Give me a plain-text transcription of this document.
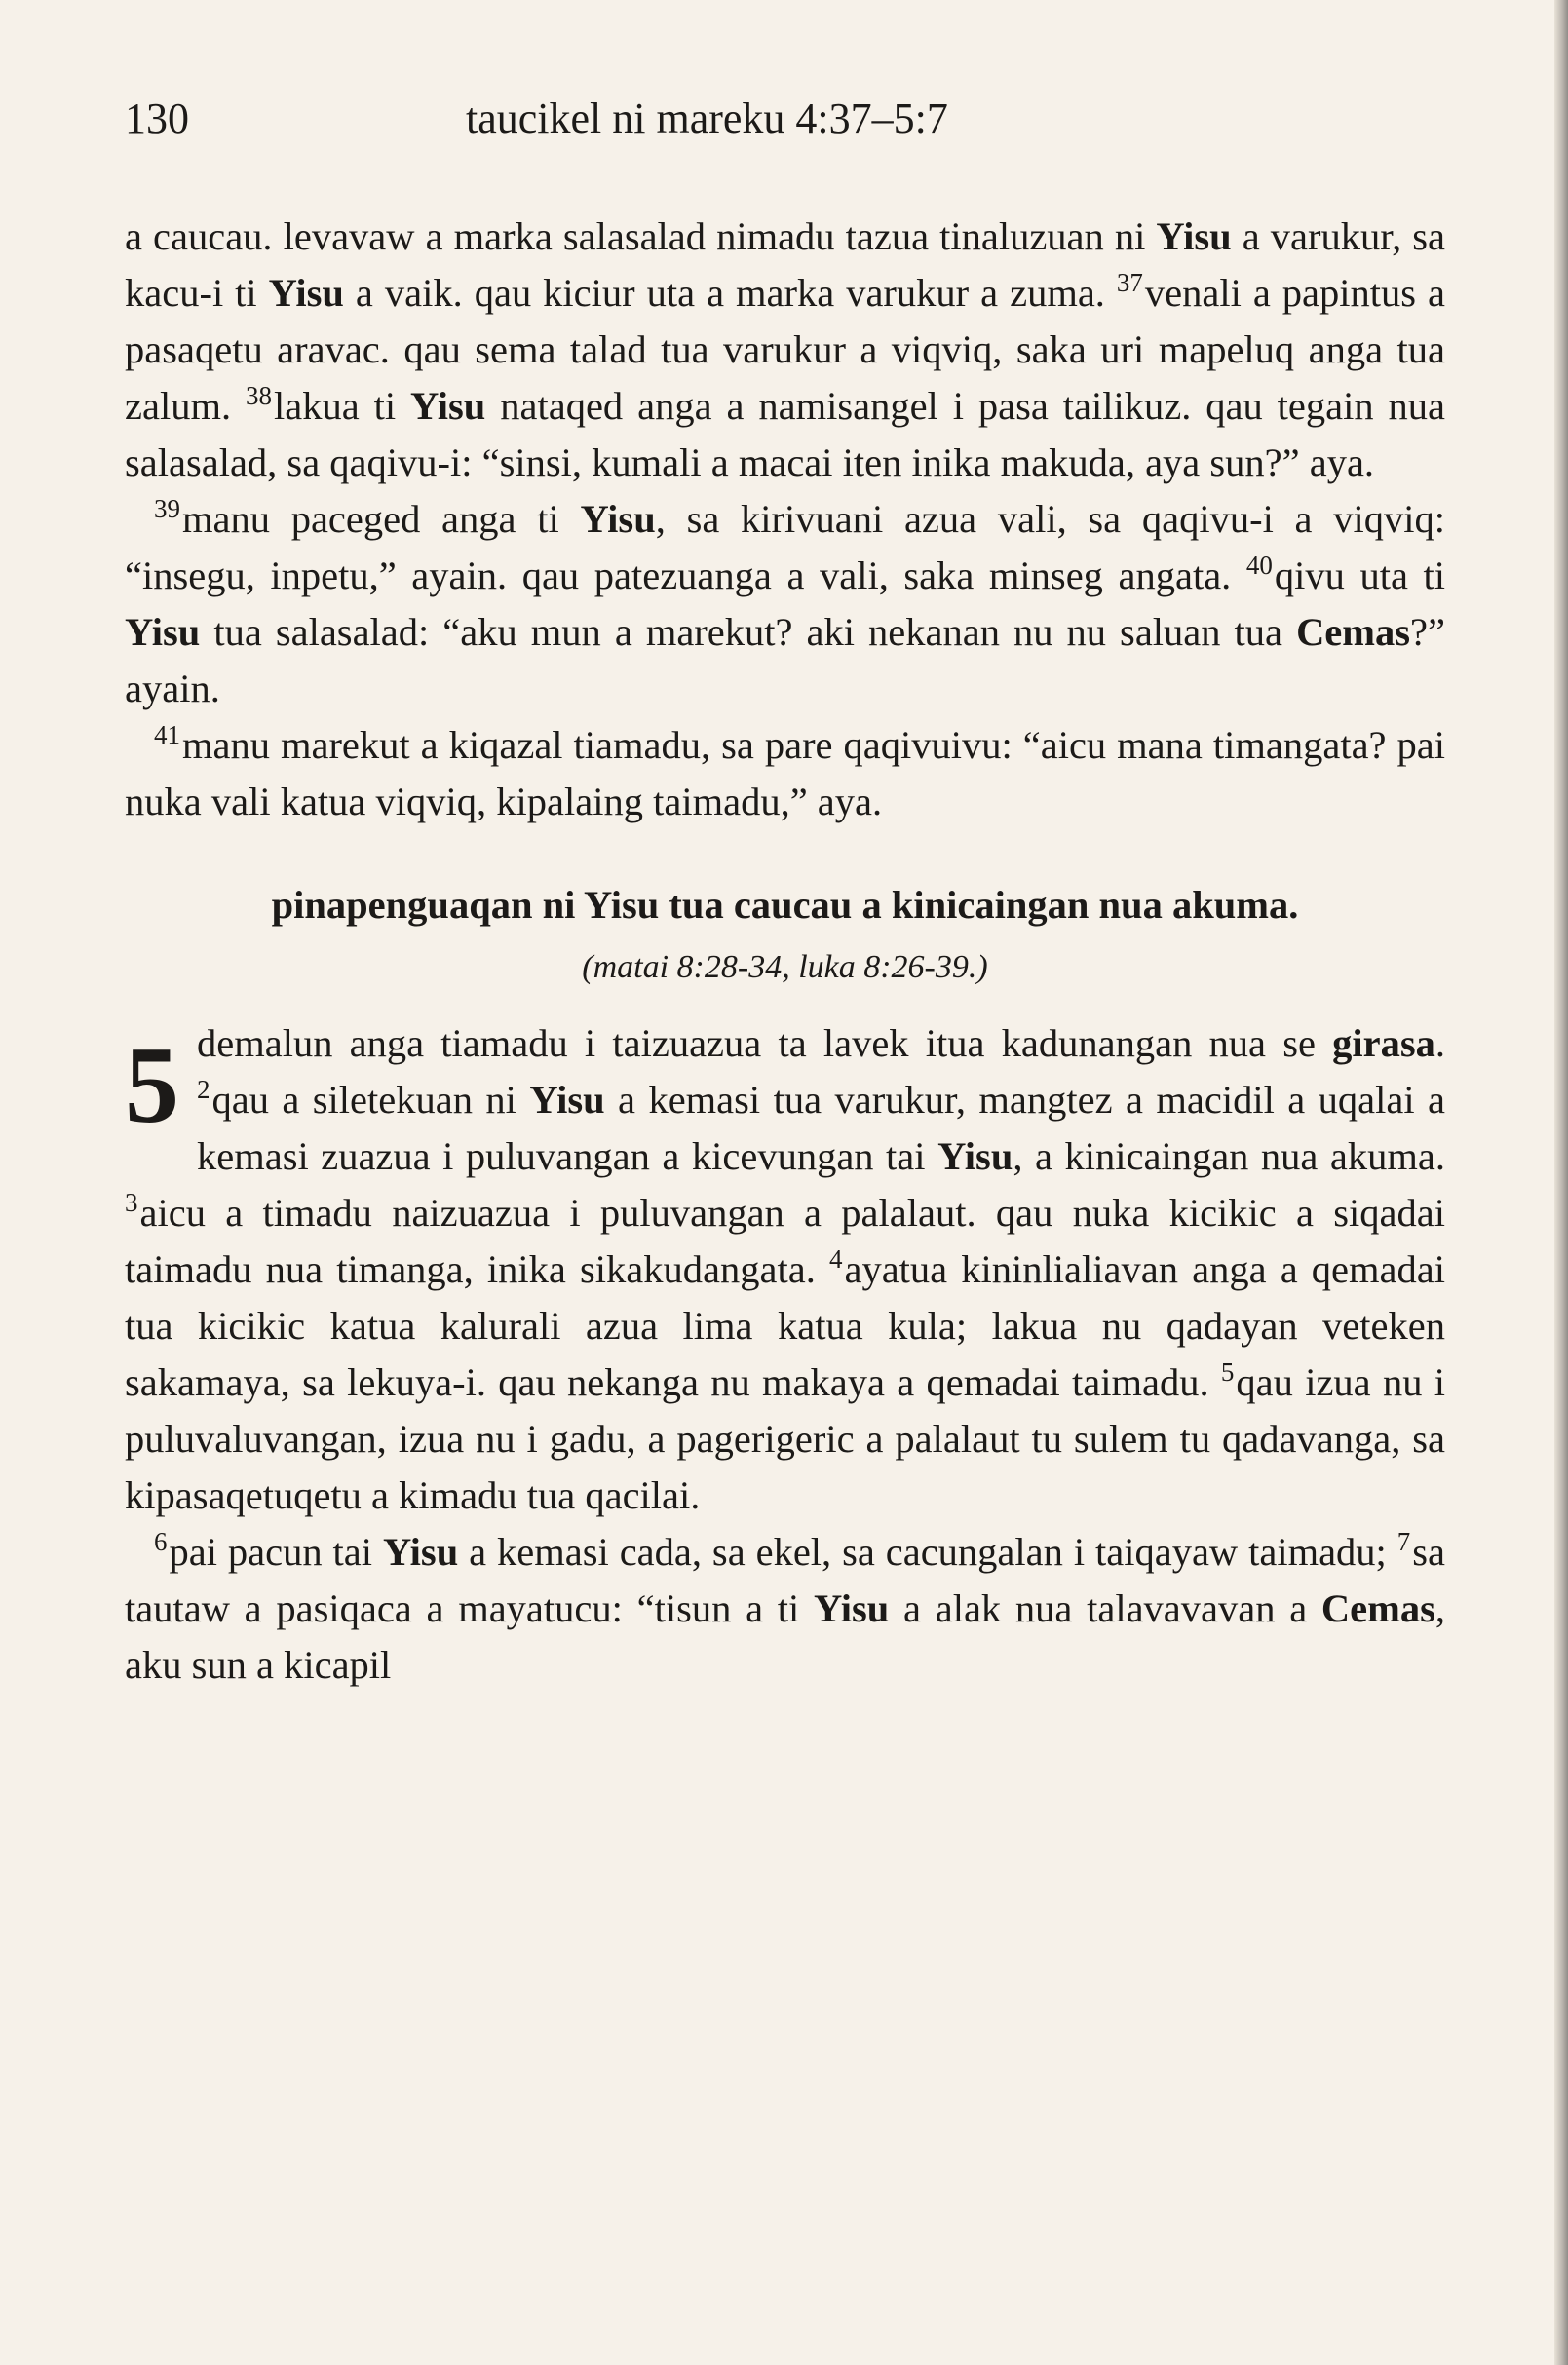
130	taucikel ni mareku 4:37–5:7

a caucau. levavaw a marka salasalad nimadu tazua tinaluzuan ni Yisu a varukur, sa kacu-i ti Yisu a vaik. qau kiciur uta a marka varukur a zuma. $^{37}$venali a papintus a pasaqetu aravac. qau sema talad tua varukur a viqviq, saka uri mapeluq anga tua zalum. $^{38}$lakua ti Yisu nataqed anga a namisangel i pasa tailikuz. qau tegain nua salasalad, sa qaqivu-i: “sinsi, kumali a macai iten inika makuda, aya sun?” aya.

$^{39}$manu paceged anga ti Yisu, sa kirivuani azua vali, sa qaqivu-i a viqviq: “insegu, inpetu,” ayain. qau patezuanga a vali, saka minseg angata. $^{40}$qivu uta ti Yisu tua salasalad: “aku mun a marekut? aki nekanan nu nu saluan tua Cemas?” ayain.

$^{41}$manu marekut a kiqazal tiamadu, sa pare qaqivuivu: “aicu mana timangata? pai nuka vali katua viqviq, kipalaing taimadu,” aya.

pinapenguaqan ni Yisu tua caucau a kinicaingan nua akuma.
(matai 8:28-34, luka 8:26-39.)
5 demalun anga tiamadu i taizuazua ta lavek itua kadunangan nua se girasa. $^2$qau a siletekuan ni Yisu a kemasi tua varukur, mangtez a macidil a uqalai a kemasi zuazua i puluvangan a kicevungan tai Yisu, a kinicaingan nua akuma. $^3$aicu a timadu naizuazua i puluvangan a palalaut. qau nuka kicikic a siqadai taimadu nua timanga, inika sikakudangata. $^4$ayatua kininlialiavan anga a qemadai tua kicikic katua kalurali azua lima katua kula; lakua nu qadayan veteken sakamaya, sa lekuya-i. qau nekanga nu makaya a qemadai taimadu. $^5$qau izua nu i puluvaluvangan, izua nu i gadu, a pagerigeric a palalaut tu sulem tu qadavanga, sa kipasaqetuqetu a kimadu tua qacilai.

$^6$pai pacun tai Yisu a kemasi cada, sa ekel, sa cacungalan i taiqayaw taimadu; $^7$sa tautaw a pasiqaca a mayatucu: “tisun a ti Yisu a alak nua talavavavan a Cemas, aku sun a kicapil
